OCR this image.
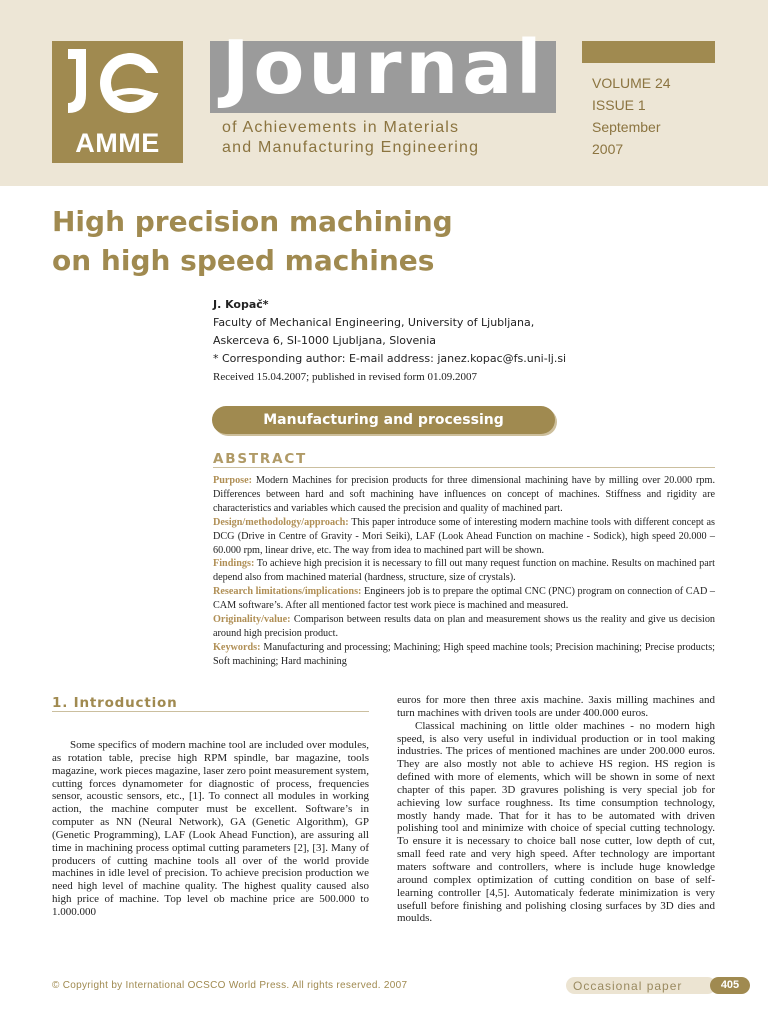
AMME
Journal
of Achievements in Materials
and Manufacturing Engineering
VOLUME 24
ISSUE 1
September
2007
High precision machining
on high speed machines
J. Kopač*
Faculty of Mechanical Engineering, University of Ljubljana,
Askerceva 6, SI-1000 Ljubljana, Slovenia
* Corresponding author: E-mail address: janez.kopac@fs.uni-lj.si
Received 15.04.2007; published in revised form 01.09.2007
Manufacturing and processing
ABSTRACT

Purpose: Modern Machines for precision products for three dimensional machining have by milling over 20.000 rpm. Differences between hard and soft machining have influences on concept of machines. Stiffness and rigidity are characteristics and variables which caused the precision and quality of machined part.

Design/methodology/approach: This paper introduce some of interesting modern machine tools with different concept as DCG (Drive in Centre of Gravity - Mori Seiki), LAF (Look Ahead Function on machine - Sodick), high speed 20.000 – 60.000 rpm, linear drive, etc. The way from idea to machined part will be shown.

Findings: To achieve high precision it is necessary to fill out many request function on machine. Results on machined part depend also from machined material (hardness, structure, size of crystals).

Research limitations/implications: Engineers job is to prepare the optimal CNC (PNC) program on connection of CAD – CAM software’s. After all mentioned factor test work piece is machined and measured.

Originality/value: Comparison between results data on plan and measurement shows us the reality and give us decision around high precision product.

Keywords: Manufacturing and processing; Machining; High speed machine tools; Precision machining; Precise products; Soft machining; Hard machining

1. Introduction

Some specifics of modern machine tool are included over modules, as rotation table, precise high RPM spindle, bar magazine, tools magazine, work pieces magazine, laser zero point measurement system, cutting forces dynamometer for diagnostic of process, frequencies sensor, acoustic sensors, etc., [1]. To connect all modules in working action, the machine computer must be excellent. Software’s in computer as NN (Neural Network), GA (Genetic Algorithm), GP (Genetic Programming), LAF (Look Ahead Function), are assuring all time in machining process optimal cutting parameters [2], [3]. Many of producers of cutting machine tools all over of the world provide machines in idle level of precision. To achieve precision production we need high level of machine quality. The highest quality caused also high price of machine. Top level ob machine price are 500.000 to 1.000.000

euros for more then three axis machine. 3axis milling machines and turn machines with driven tools are under 400.000 euros.

Classical machining on little older machines - no modern high speed, is also very useful in individual production or in tool making industries. The prices of mentioned machines are under 200.000 euros. They are also mostly not able to achieve HS region. HS region is defined with more of elements, which will be shown in some of next chapter of this paper. 3D gravures polishing is very special job for achieving low surface roughness. Its time consumption technology, mostly handy made. That for it has to be automated with driven polishing tool and minimize with choice of special cutting technology. To ensure it is necessary to choice ball nose cutter, low depth of cut, small feed rate and very high speed. After technology are important maters software and controllers, where is include huge knowledge around complex optimization of cutting condition on base of self-learning controller [4,5]. Automaticaly federate minimization is very usefull before finishing and polishing closing surfaces by 3D dies and moulds.

© Copyright by International OCSCO World Press. All rights reserved. 2007	Occasional paper	405
